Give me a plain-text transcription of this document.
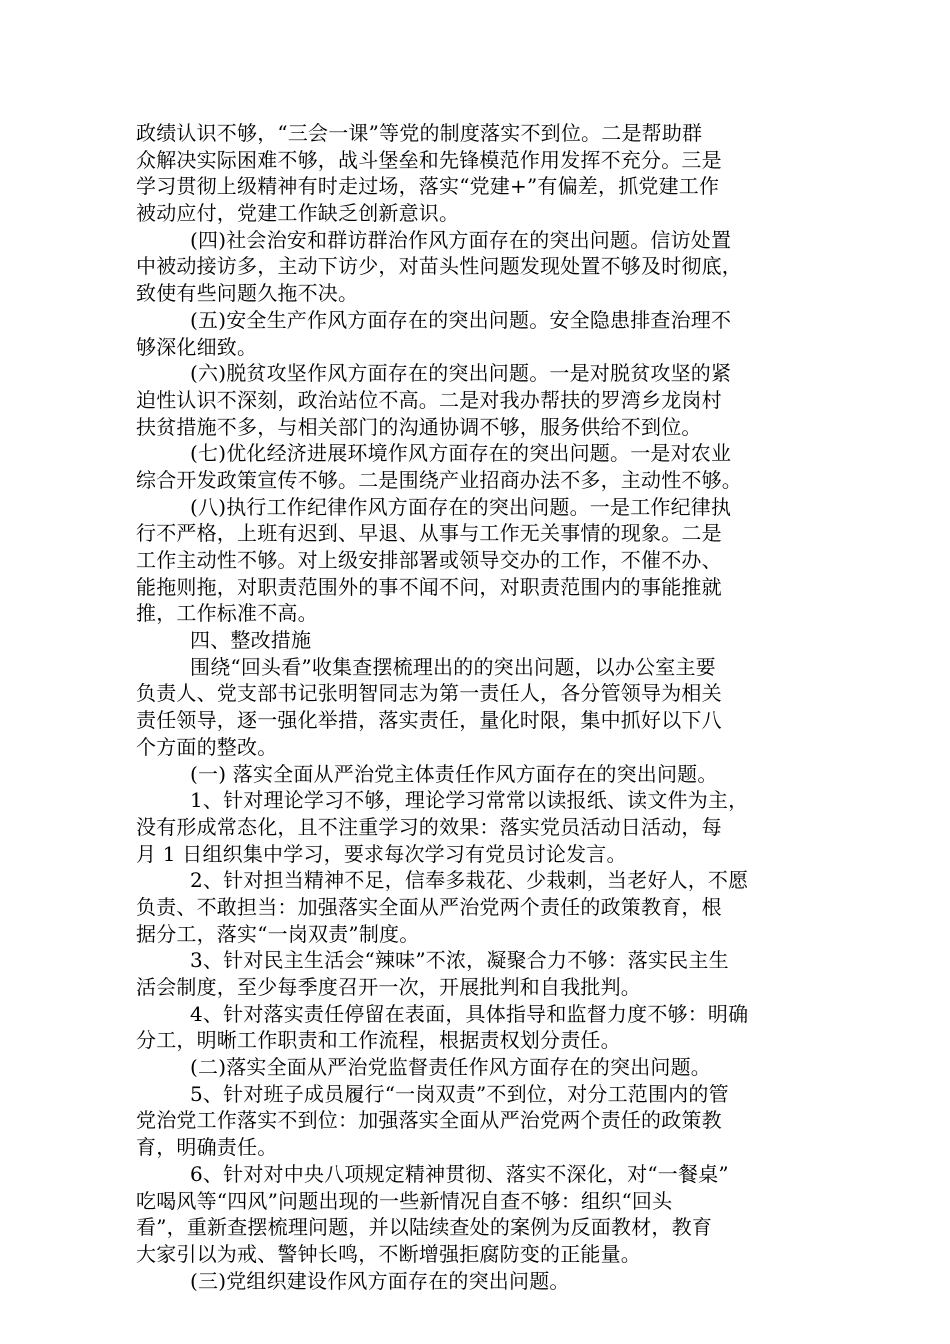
政绩认识不够，“三会一课”等党的制度落实不到位。二是帮助群
众解决实际困难不够，战斗堡垒和先锋模范作用发挥不充分。三是
学习贯彻上级精神有时走过场，落实“党建+”有偏差，抓党建工作
被动应付，党建工作缺乏创新意识。
(四)社会治安和群访群治作风方面存在的突出问题。信访处置
中被动接访多，主动下访少，对苗头性问题发现处置不够及时彻底，
致使有些问题久拖不决。
(五)安全生产作风方面存在的突出问题。安全隐患排查治理不
够深化细致。
(六)脱贫攻坚作风方面存在的突出问题。一是对脱贫攻坚的紧
迫性认识不深刻，政治站位不高。二是对我办帮扶的罗湾乡龙岗村
扶贫措施不多，与相关部门的沟通协调不够，服务供给不到位。
(七)优化经济进展环境作风方面存在的突出问题。一是对农业
综合开发政策宣传不够。二是围绕产业招商办法不多，主动性不够。
(八)执行工作纪律作风方面存在的突出问题。一是工作纪律执
行不严格，上班有迟到、早退、从事与工作无关事情的现象。二是
工作主动性不够。对上级安排部署或领导交办的工作，不催不办、
能拖则拖，对职责范围外的事不闻不问，对职责范围内的事能推就
推，工作标准不高。
四、整改措施
围绕“回头看”收集查摆梳理出的的突出问题，以办公室主要
负责人、党支部书记张明智同志为第一责任人，各分管领导为相关
责任领导，逐一强化举措，落实责任，量化时限，集中抓好以下八
个方面的整改。
(一) 落实全面从严治党主体责任作风方面存在的突出问题。
1、针对理论学习不够，理论学习常常以读报纸、读文件为主，
没有形成常态化，且不注重学习的效果：落实党员活动日活动，每
月 1 日组织集中学习，要求每次学习有党员讨论发言。
2、针对担当精神不足，信奉多栽花、少栽刺，当老好人，不愿
负责、不敢担当：加强落实全面从严治党两个责任的政策教育，根
据分工，落实“一岗双责”制度。
3、针对民主生活会“辣味”不浓，凝聚合力不够：落实民主生
活会制度，至少每季度召开一次，开展批判和自我批判。
4、针对落实责任停留在表面，具体指导和监督力度不够：明确
分工，明晰工作职责和工作流程，根据责权划分责任。
(二)落实全面从严治党监督责任作风方面存在的突出问题。
5、针对班子成员履行“一岗双责”不到位，对分工范围内的管
党治党工作落实不到位：加强落实全面从严治党两个责任的政策教
育，明确责任。
6、针对对中央八项规定精神贯彻、落实不深化，对“一餐桌”
吃喝风等“四风”问题出现的一些新情况自查不够：组织“回头
看”，重新查摆梳理问题，并以陆续查处的案例为反面教材，教育
大家引以为戒、警钟长鸣，不断增强拒腐防变的正能量。
(三)党组织建设作风方面存在的突出问题。
